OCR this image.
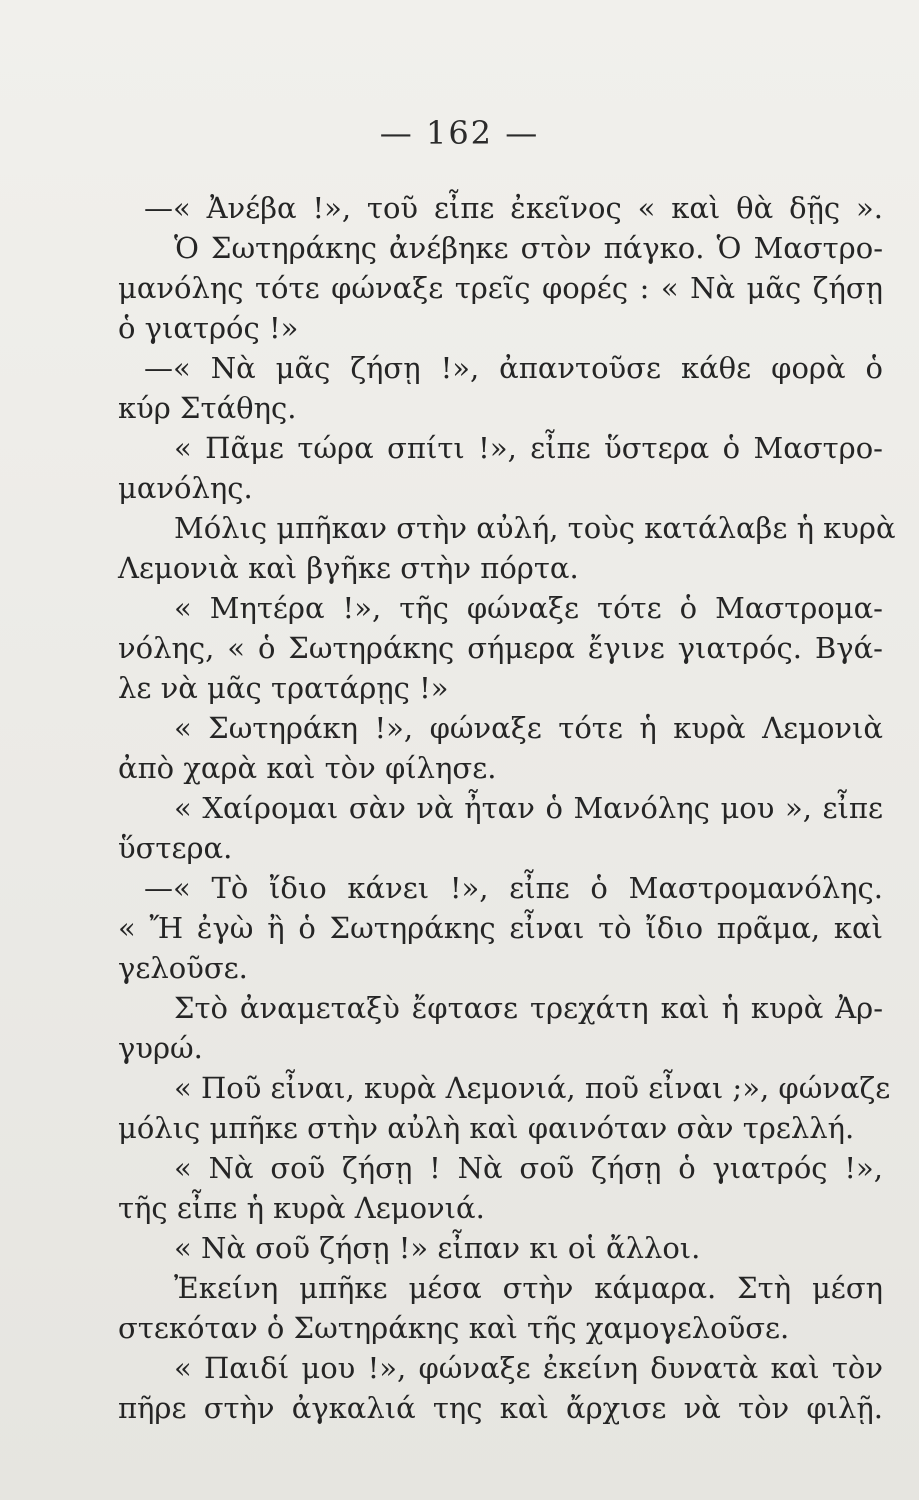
— 162 —
—« Ἀνέβα !», τοῦ εἶπε ἐκεῖνος « καὶ θὰ δῇς ».
Ὁ Σωτηράκης ἀνέβηκε στὸν πάγκο. Ὁ Μαστρο-
μανόλης τότε φώναξε τρεῖς φορές : « Νὰ μᾶς ζήσῃ
ὁ γιατρός !»
—« Νὰ μᾶς ζήσῃ !», ἀπαντοῦσε κάθε φορὰ ὁ
κύρ Στάθης.
« Πᾶμε τώρα σπίτι !», εἶπε ὕστερα ὁ Μαστρο-
μανόλης.
Μόλις μπῆκαν στὴν αὐλή, τοὺς κατάλαβε ἡ κυρὰ
Λεμονιὰ καὶ βγῆκε στὴν πόρτα.
« Μητέρα !», τῆς φώναξε τότε ὁ Μαστρομα-
νόλης, « ὁ Σωτηράκης σήμερα ἔγινε γιατρός. Βγά-
λε νὰ μᾶς τρατάρῃς !»
« Σωτηράκη !», φώναξε τότε ἡ κυρὰ Λεμονιὰ
ἀπὸ χαρὰ καὶ τὸν φίλησε.
« Χαίρομαι σὰν νὰ ἦταν ὁ Μανόλης μου », εἶπε
ὕστερα.
—« Τὸ ἴδιο κάνει !», εἶπε ὁ Μαστρομανόλης.
« Ἤ ἐγὼ ἢ ὁ Σωτηράκης εἶναι τὸ ἴδιο πρᾶμα, καὶ
γελοῦσε.
Στὸ ἀναμεταξὺ ἔφτασε τρεχάτη καὶ ἡ κυρὰ Ἀρ-
γυρώ.
« Ποῦ εἶναι, κυρὰ Λεμονιά, ποῦ εἶναι ;», φώναζε
μόλις μπῆκε στὴν αὐλὴ καὶ φαινόταν σὰν τρελλή.
« Νὰ σοῦ ζήσῃ ! Νὰ σοῦ ζήσῃ ὁ γιατρός !»,
τῆς εἶπε ἡ κυρὰ Λεμονιά.
« Νὰ σοῦ ζήσῃ !» εἶπαν κι οἱ ἄλλοι.
Ἐκείνη μπῆκε μέσα στὴν κάμαρα. Στὴ μέση
στεκόταν ὁ Σωτηράκης καὶ τῆς χαμογελοῦσε.
« Παιδί μου !», φώναξε ἐκείνη δυνατὰ καὶ τὸν
πῆρε στὴν ἀγκαλιά της καὶ ἄρχισε νὰ τὸν φιλῇ.
